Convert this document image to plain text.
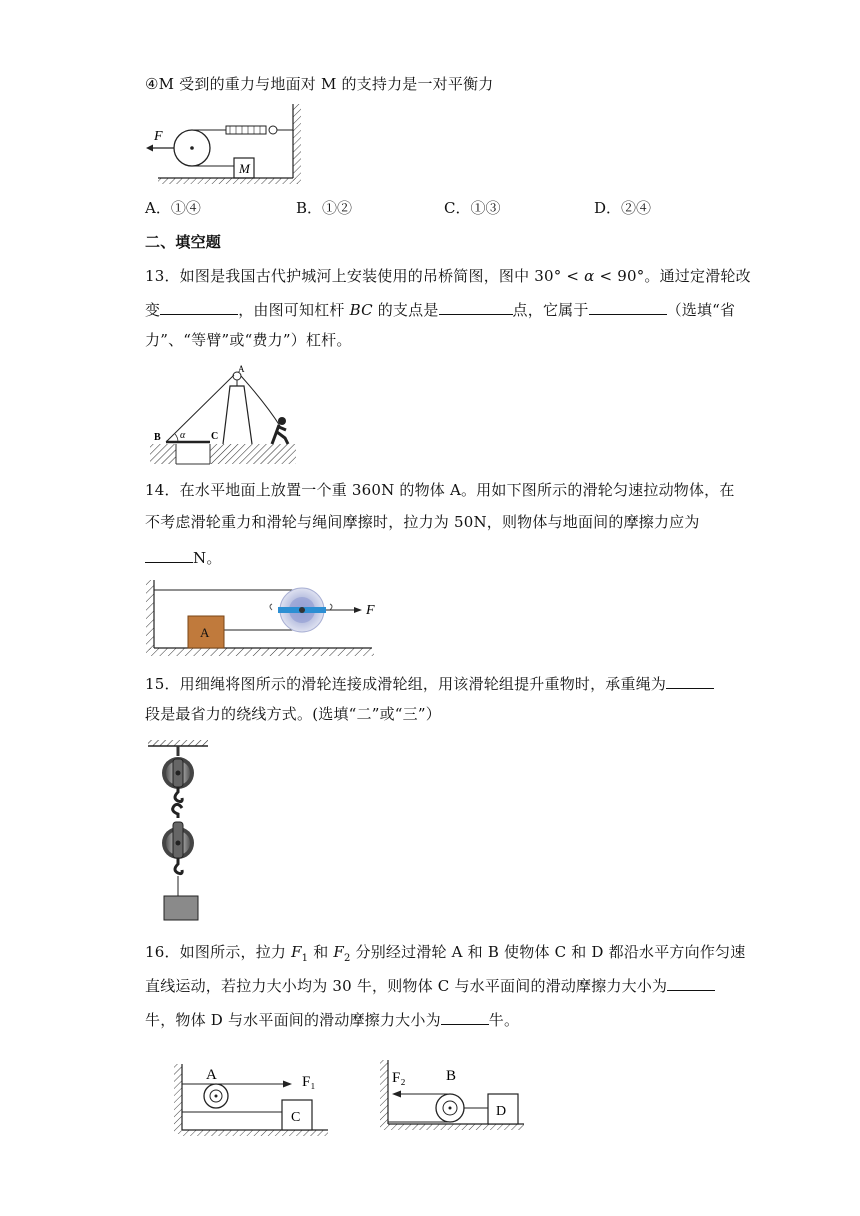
④M 受到的重力与地面对 M 的支持力是一对平衡力
M
F
A．①④	B．①②	C．①③	D．②④
二、填空题
13．如图是我国古代护城河上安装使用的吊桥简图，图中 30° < α < 90°。通过定滑轮改
变	，由图可知杠杆 BC 的支点是	点，它属于	（选填“省
力”、“等臂”或“费力”）杠杆。
A
B α	C
14．在水平地面上放置一个重 360N 的物体 A。用如下图所示的滑轮匀速拉动物体，在
不考虑滑轮重力和滑轮与绳间摩擦时，拉力为 50N，则物体与地面间的摩擦力应为
N。
A
F
15．用细绳将图所示的滑轮连接成滑轮组，用该滑轮组提升重物时，承重绳为
段是最省力的绕线方式。(选填“二”或“三”）
16．如图所示，拉力 $F_1$ 和 $F_2$ 分别经过滑轮 A 和 B 使物体 C 和 D 都沿水平方向作匀速
直线运动，若拉力大小均为 30 牛，则物体 C 与水平面间的滑动摩擦力大小为
牛，物体 D 与水平面间的滑动摩擦力大小为	牛。
A	F₁
C
F₂	B
D
